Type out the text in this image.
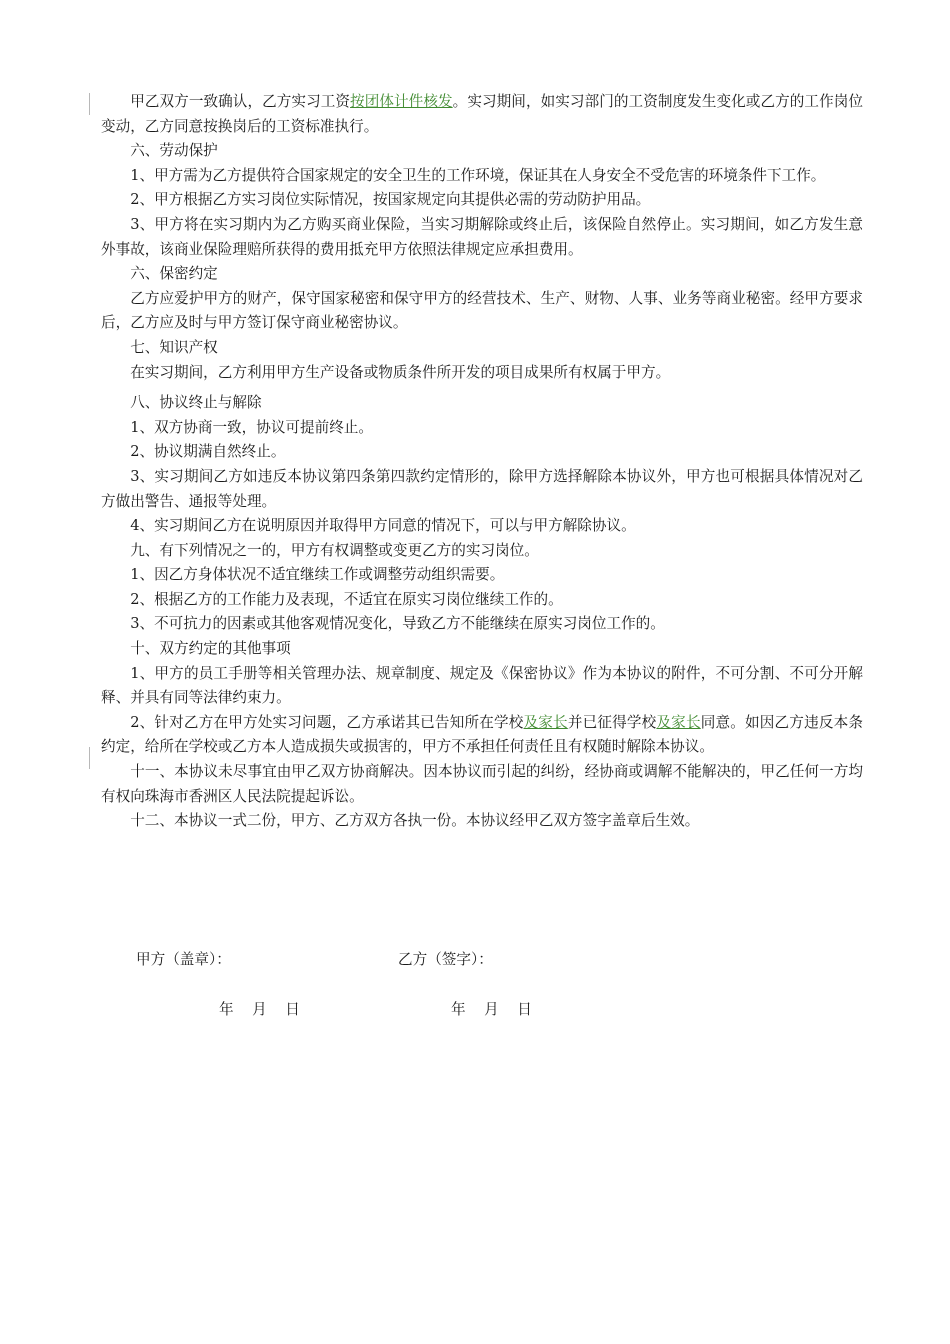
甲乙双方一致确认，乙方实习工资按团体计件核发。实习期间，如实习部门的工资制度发生变化或乙方的工作岗位变动，乙方同意按换岗后的工资标准执行。

六、劳动保护

1、甲方需为乙方提供符合国家规定的安全卫生的工作环境，保证其在人身安全不受危害的环境条件下工作。

2、甲方根据乙方实习岗位实际情况，按国家规定向其提供必需的劳动防护用品。

3、甲方将在实习期内为乙方购买商业保险，当实习期解除或终止后，该保险自然停止。实习期间，如乙方发生意外事故，该商业保险理赔所获得的费用抵充甲方依照法律规定应承担费用。

六、保密约定

乙方应爱护甲方的财产，保守国家秘密和保守甲方的经营技术、生产、财物、人事、业务等商业秘密。经甲方要求后，乙方应及时与甲方签订保守商业秘密协议。

七、知识产权

在实习期间，乙方利用甲方生产设备或物质条件所开发的项目成果所有权属于甲方。

八、协议终止与解除

1、双方协商一致，协议可提前终止。

2、协议期满自然终止。

3、实习期间乙方如违反本协议第四条第四款约定情形的，除甲方选择解除本协议外，甲方也可根据具体情况对乙方做出警告、通报等处理。

4、实习期间乙方在说明原因并取得甲方同意的情况下，可以与甲方解除协议。

九、有下列情况之一的，甲方有权调整或变更乙方的实习岗位。

1、因乙方身体状况不适宜继续工作或调整劳动组织需要。

2、根据乙方的工作能力及表现，不适宜在原实习岗位继续工作的。

3、不可抗力的因素或其他客观情况变化，导致乙方不能继续在原实习岗位工作的。

十、双方约定的其他事项

1、甲方的员工手册等相关管理办法、规章制度、规定及《保密协议》作为本协议的附件，不可分割、不可分开解释、并具有同等法律约束力。

2、针对乙方在甲方处实习问题，乙方承诺其已告知所在学校及家长并已征得学校及家长同意。如因乙方违反本条约定，给所在学校或乙方本人造成损失或损害的，甲方不承担任何责任且有权随时解除本协议。

十一、本协议未尽事宜由甲乙双方协商解决。因本协议而引起的纠纷，经协商或调解不能解决的，甲乙任何一方均有权向珠海市香洲区人民法院提起诉讼。

十二、本协议一式二份，甲方、乙方双方各执一份。本协议经甲乙双方签字盖章后生效。

甲方（盖章）：	乙方（签字）：
年    月    日	年    月    日
